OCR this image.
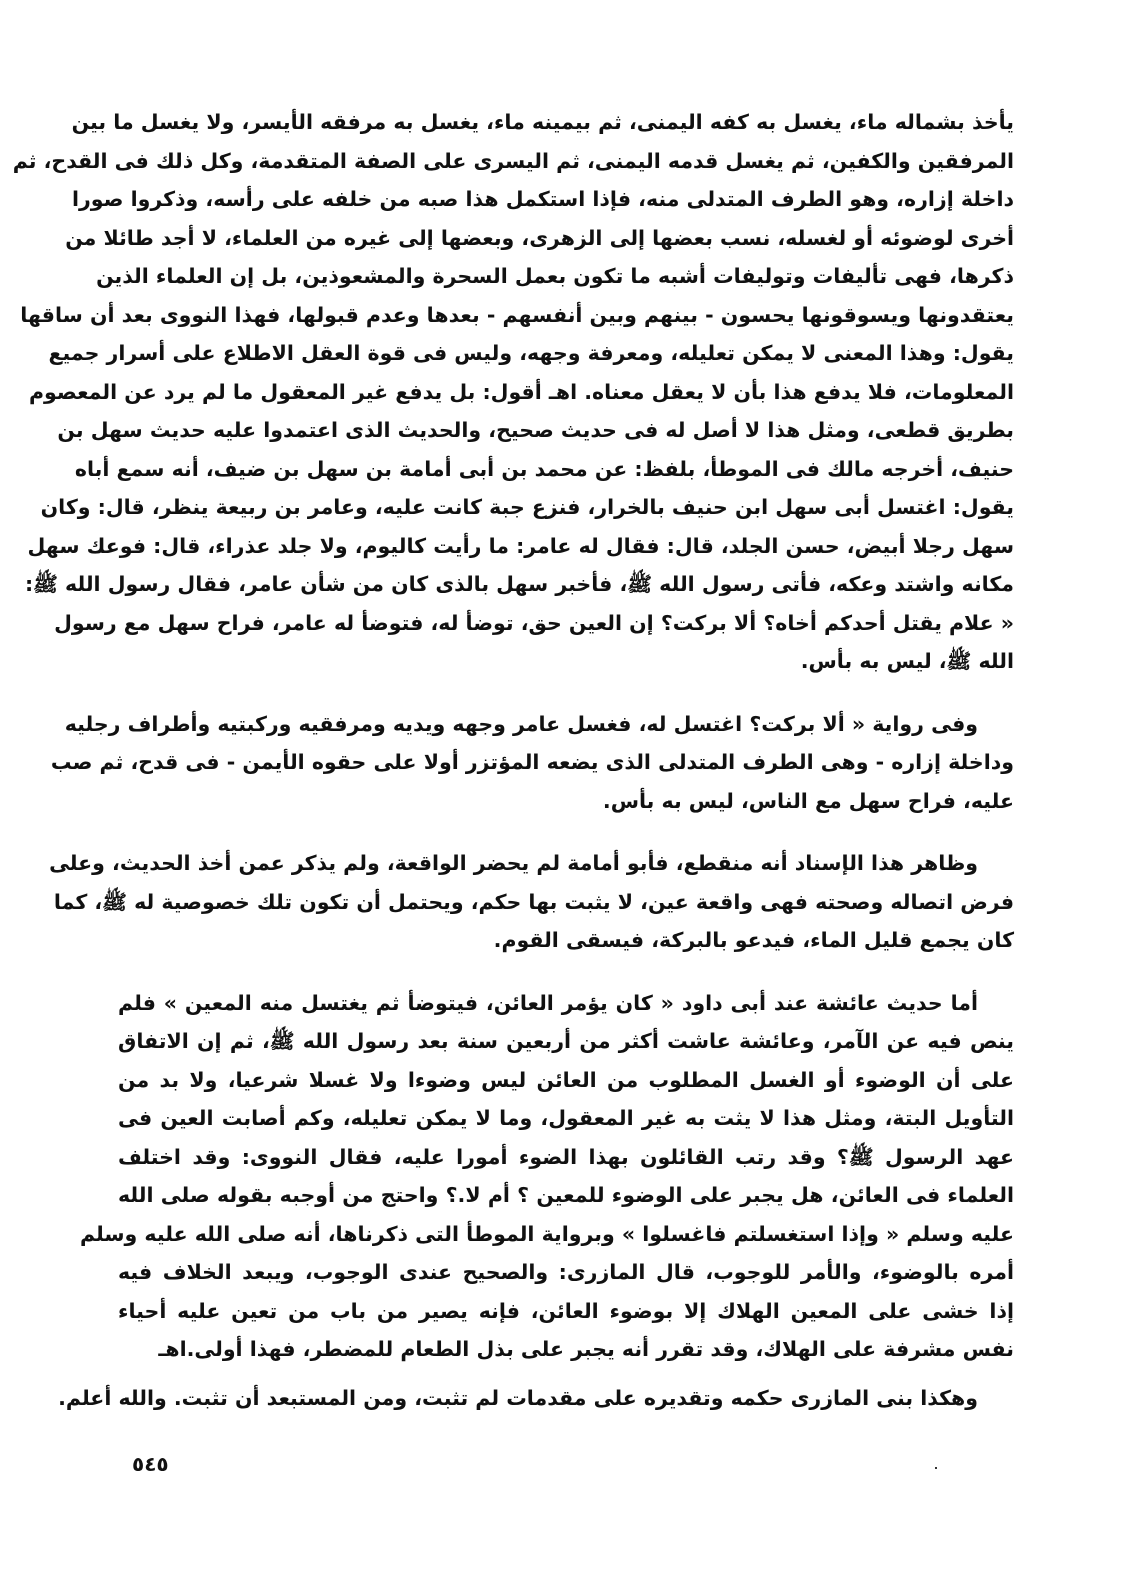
يأخذ بشماله ماء، يغسل به كفه اليمنى، ثم بيمينه ماء، يغسل به مرفقه الأيسر، ولا يغسل ما بين
المرفقين والكفين، ثم يغسل قدمه اليمنى، ثم اليسرى على الصفة المتقدمة، وكل ذلك فى القدح، ثم
داخلة إزاره، وهو الطرف المتدلى منه، فإذا استكمل هذا صبه من خلفه على رأسه، وذكروا صورا
أخرى لوضوئه أو لغسله، نسب بعضها إلى الزهرى، وبعضها إلى غيره من العلماء، لا أجد طائلا من
ذكرها، فهى تأليفات وتوليفات أشبه ما تكون بعمل السحرة والمشعوذين، بل إن العلماء الذين
يعتقدونها ويسوقونها يحسون - بينهم وبين أنفسهم - بعدها وعدم قبولها، فهذا النووى بعد أن ساقها
يقول: وهذا المعنى لا يمكن تعليله، ومعرفة وجهه، وليس فى قوة العقل الاطلاع على أسرار جميع
المعلومات، فلا يدفع هذا بأن لا يعقل معناه. اهـ أقول: بل يدفع غير المعقول ما لم يرد عن المعصوم
بطريق قطعى، ومثل هذا لا أصل له فى حديث صحيح، والحديث الذى اعتمدوا عليه حديث سهل بن
حنيف، أخرجه مالك فى الموطأ، بلفظ: عن محمد بن أبى أمامة بن سهل بن ضيف، أنه سمع أباه
يقول: اغتسل أبى سهل ابن حنيف بالخرار، فنزع جبة كانت عليه، وعامر بن ربيعة ينظر، قال: وكان
سهل رجلا أبيض، حسن الجلد، قال: فقال له عامر: ما رأيت كاليوم، ولا جلد عذراء، قال: فوعك سهل
مكانه واشتد وعكه، فأتى رسول الله ﷺ، فأخبر سهل بالذى كان من شأن عامر، فقال رسول الله ﷺ:
« علام يقتل أحدكم أخاه؟ ألا بركت؟ إن العين حق، توضأ له، فتوضأ له عامر، فراح سهل مع رسول
الله ﷺ، ليس به بأس.
وفى رواية « ألا بركت؟ اغتسل له، فغسل عامر وجهه ويديه ومرفقيه وركبتيه وأطراف رجليه
وداخلة إزاره - وهى الطرف المتدلى الذى يضعه المؤتزر أولا على حقوه الأيمن - فى قدح، ثم صب
عليه، فراح سهل مع الناس، ليس به بأس.
وظاهر هذا الإسناد أنه منقطع، فأبو أمامة لم يحضر الواقعة، ولم يذكر عمن أخذ الحديث، وعلى
فرض اتصاله وصحته فهى واقعة عين، لا يثبت بها حكم، ويحتمل أن تكون تلك خصوصية له ﷺ، كما
كان يجمع قليل الماء، فيدعو بالبركة، فيسقى القوم.
أما حديث عائشة عند أبى داود « كان يؤمر العائن، فيتوضأ ثم يغتسل منه المعين » فلم
ينص فيه عن الآمر، وعائشة عاشت أكثر من أربعين سنة بعد رسول الله ﷺ، ثم إن الاتفاق
على أن الوضوء أو الغسل المطلوب من العائن ليس وضوءا ولا غسلا شرعيا، ولا بد من
التأويل البتة، ومثل هذا لا يثت به غير المعقول، وما لا يمكن تعليله، وكم أصابت العين فى
عهد الرسول ﷺ؟ وقد رتب القائلون بهذا الضوء أمورا عليه، فقال النووى: وقد اختلف
العلماء فى العائن، هل يجبر على الوضوء للمعين ؟ أم لا.؟ واحتج من أوجبه بقوله صلى الله
عليه وسلم « وإذا استغسلتم فاغسلوا » وبرواية الموطأ التى ذكرناها، أنه صلى الله عليه وسلم
أمره بالوضوء، والأمر للوجوب، قال المازرى: والصحيح عندى الوجوب، ويبعد الخلاف فيه
إذا خشى على المعين الهلاك إلا بوضوء العائن، فإنه يصير من باب من تعين عليه أحياء
نفس مشرفة على الهلاك، وقد تقرر أنه يجبر على بذل الطعام للمضطر، فهذا أولى.اهـ
وهكذا بنى المازرى حكمه وتقديره على مقدمات لم تثبت، ومن المستبعد أن تثبت. والله أعلم.
٥٤٥
